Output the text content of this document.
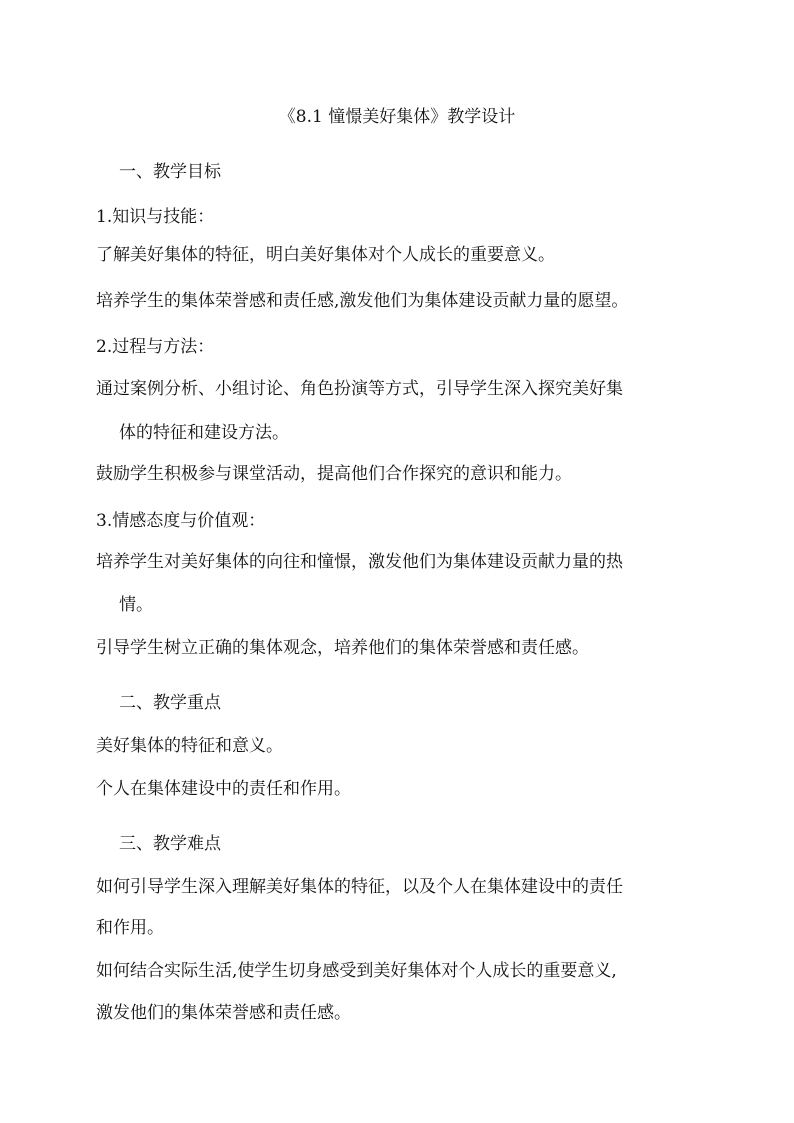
《8.1 憧憬美好集体》教学设计
一、教学目标
1.知识与技能：
了解美好集体的特征，明白美好集体对个人成长的重要意义。
培养学生的集体荣誉感和责任感,激发他们为集体建设贡献力量的愿望。
2.过程与方法：
通过案例分析、小组讨论、角色扮演等方式，引导学生深入探究美好集
体的特征和建设方法。
鼓励学生积极参与课堂活动，提高他们合作探究的意识和能力。
3.情感态度与价值观：
培养学生对美好集体的向往和憧憬，激发他们为集体建设贡献力量的热
情。
引导学生树立正确的集体观念，培养他们的集体荣誉感和责任感。
二、教学重点
美好集体的特征和意义。
个人在集体建设中的责任和作用。
三、教学难点
如何引导学生深入理解美好集体的特征，以及个人在集体建设中的责任
和作用。
如何结合实际生活,使学生切身感受到美好集体对个人成长的重要意义,
激发他们的集体荣誉感和责任感。
